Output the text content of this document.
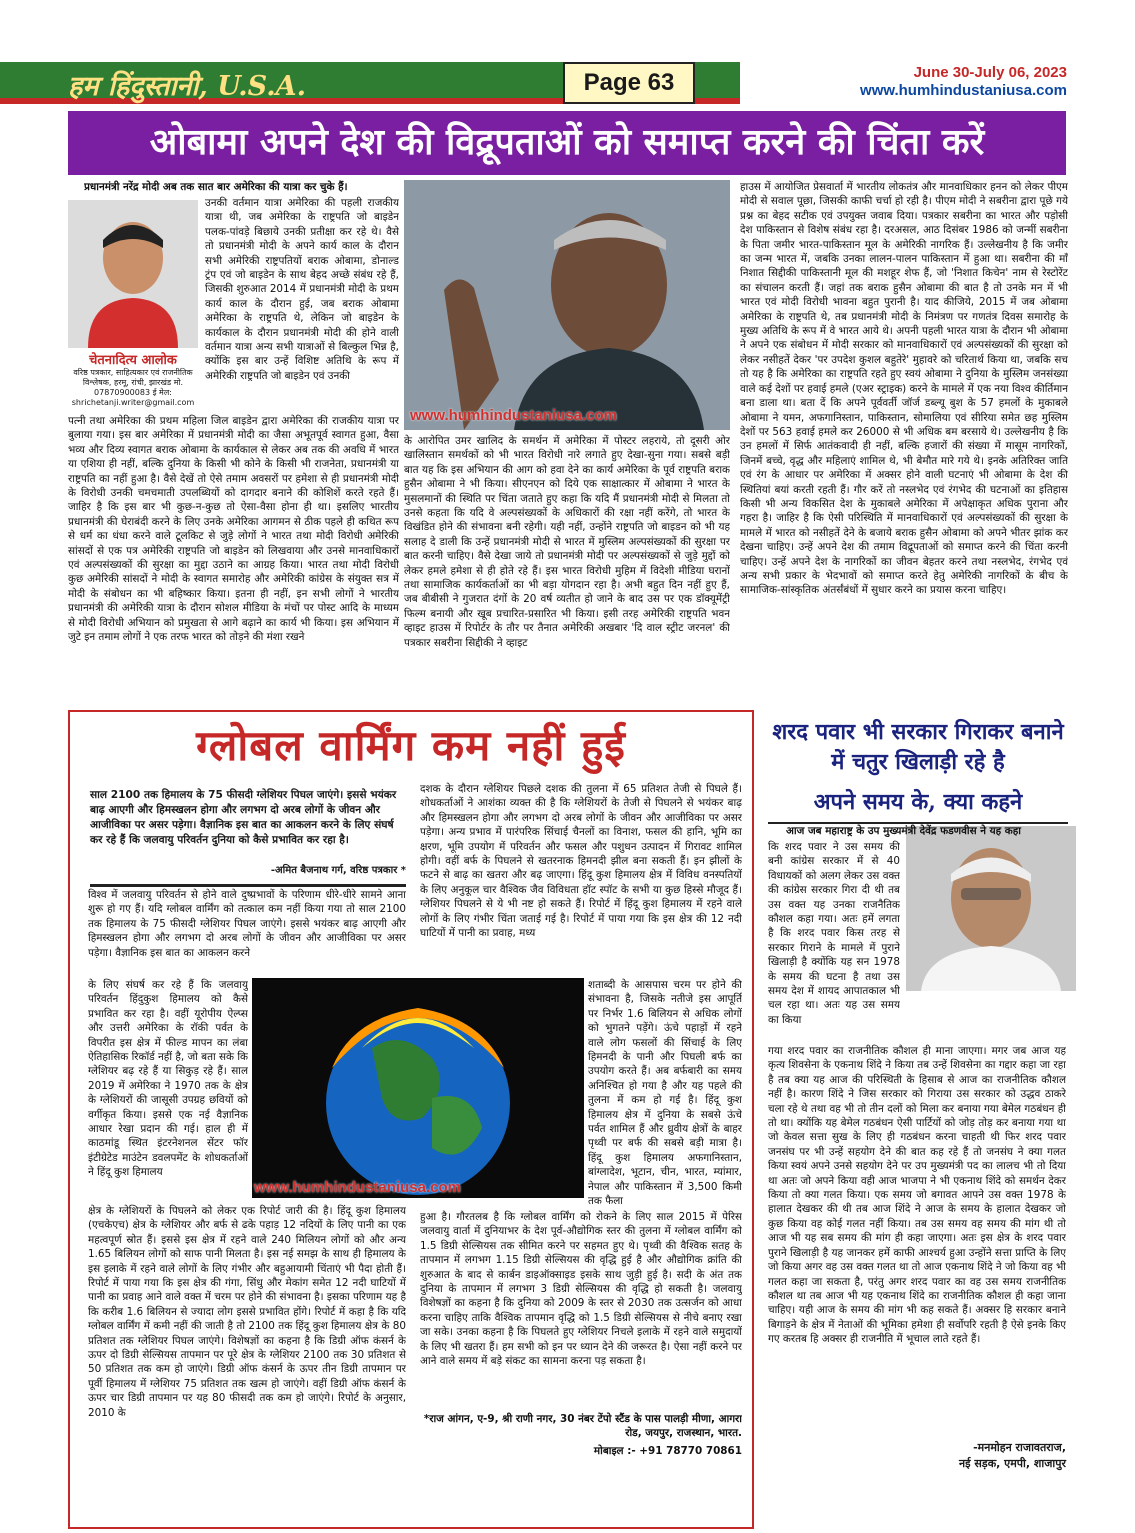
हम हिंदुस्तानी, U.S.A.	Page 63	June 30-July 06, 2023
www.humhindustaniusa.com
ओबामा अपने देश की विद्रूपताओं को समाप्त करने की चिंता करें
चेतनादित्य आलोक
वरिष्ठ पत्रकार, साहित्यकार एवं राजनीतिक विश्लेषक, हरमू, रांची, झारखंड मो. 07870900083 ई मेल: shrichetanji.writer@gmail.com
प्रधानमंत्री नरेंद्र मोदी अब तक सात बार अमेरिका की यात्रा कर चुके हैं।
उनकी वर्तमान यात्रा अमेरिका की पहली राजकीय यात्रा थी, जब अमेरिका के राष्ट्रपति जो बाइडेन पलक-पांवड़े बिछाये उनकी प्रतीक्षा कर रहे थे। वैसे तो प्रधानमंत्री मोदी के अपने कार्य काल के दौरान सभी अमेरिकी राष्ट्रपतियों बराक ओबामा, डोनाल्ड ट्रंप एवं जो बाइडेन के साथ बेहद अच्छे संबंध रहे हैं, जिसकी शुरुआत 2014 में प्रधानमंत्री मोदी के प्रथम कार्य काल के दौरान हुई, जब बराक ओबामा अमेरिका के राष्ट्रपति थे, लेकिन जो बाइडेन के कार्यकाल के दौरान प्रधानमंत्री मोदी की होने वाली वर्तमान यात्रा अन्य सभी यात्राओं से बिल्कुल भिन्न है, क्योंकि इस बार उन्हें विशिष्ट अतिथि के रूप में अमेरिकी राष्ट्रपति जो बाइडेन एवं उनकी
पत्नी तथा अमेरिका की प्रथम महिला जिल बाइडेन द्वारा अमेरिका की राजकीय यात्रा पर बुलाया गया। इस बार अमेरिका में प्रधानमंत्री मोदी का जैसा अभूतपूर्व स्वागत हुआ, वैसा भव्य और दिव्य स्वागत बराक ओबामा के कार्यकाल से लेकर अब तक की अवधि में भारत या एशिया ही नहीं, बल्कि दुनिया के किसी भी कोने के किसी भी राजनेता, प्रधानमंत्री या राष्ट्रपति का नहीं हुआ है। वैसे देखें तो ऐसे तमाम अवसरों पर हमेशा से ही प्रधानमंत्री मोदी के विरोधी उनकी चमचमाती उपलब्धियों को दागदार बनाने की कोशिशें करते रहते हैं। जाहिर है कि इस बार भी कुछ-न-कुछ तो ऐसा-वैसा होना ही था। इसलिए भारतीय प्रधानमंत्री की घेराबंदी करने के लिए उनके अमेरिका आगमन से ठीक पहले ही कथित रूप से धर्म का धंधा करने वाले टूलकिट से जुड़े लोगों ने भारत तथा मोदी विरोधी अमेरिकी सांसदों से एक पत्र अमेरिकी राष्ट्रपति जो बाइडेन को लिखवाया और उनसे मानवाधिकारों एवं अल्पसंख्यकों की सुरक्षा का मुद्दा उठाने का आग्रह किया। भारत तथा मोदी विरोधी कुछ अमेरिकी सांसदों ने मोदी के स्वागत समारोह और अमेरिकी कांग्रेस के संयुक्त सत्र में मोदी के संबोधन का भी बहिष्कार किया। इतना ही नहीं, इन सभी लोगों ने भारतीय प्रधानमंत्री की अमेरिकी यात्रा के दौरान सोशल मीडिया के मंचों पर पोस्ट आदि के माध्यम से मोदी विरोधी अभियान को प्रमुखता से आगे बढ़ाने का कार्य भी किया। इस अभियान में जुटे इन तमाम लोगों ने एक तरफ भारत को तोड़ने की मंशा रखने
www.humhindustaniusa.com
के आरोपित उमर खालिद के समर्थन में अमेरिका में पोस्टर लहराये, तो दूसरी ओर खालिस्तान समर्थकों को भी भारत विरोधी नारे लगाते हुए देखा-सुना गया। सबसे बड़ी बात यह कि इस अभियान की आग को हवा देने का कार्य अमेरिका के पूर्व राष्ट्रपति बराक हुसैन ओबामा ने भी किया। सीएनएन को दिये एक साक्षात्कार में ओबामा ने भारत के मुसलमानों की स्थिति पर चिंता जताते हुए कहा कि यदि मैं प्रधानमंत्री मोदी से मिलता तो उनसे कहता कि यदि वे अल्पसंख्यकों के अधिकारों की रक्षा नहीं करेंगे, तो भारत के विखंडित होने की संभावना बनी रहेगी। यही नहीं, उन्होंने राष्ट्रपति जो बाइडन को भी यह सलाह दे डाली कि उन्हें प्रधानमंत्री मोदी से भारत में मुस्लिम अल्पसंख्यकों की सुरक्षा पर बात करनी चाहिए। वैसे देखा जाये तो प्रधानमंत्री मोदी पर अल्पसंख्यकों से जुड़े मुद्दों को लेकर हमले हमेशा से ही होते रहे हैं। इस भारत विरोधी मुहिम में विदेशी मीडिया घरानों तथा सामाजिक कार्यकर्ताओं का भी बड़ा योगदान रहा है। अभी बहुत दिन नहीं हुए हैं, जब बीबीसी ने गुजरात दंगों के 20 वर्ष व्यतीत हो जाने के बाद उस पर एक डॉक्यूमेंट्री फिल्म बनायी और खूब प्रचारित-प्रसारित भी किया। इसी तरह अमेरिकी राष्ट्रपति भवन व्हाइट हाउस में रिपोर्टर के तौर पर तैनात अमेरिकी अखबार 'दि वाल स्ट्रीट जरनल' की पत्रकार सबरीना सिद्दीकी ने व्हाइट
हाउस में आयोजित प्रेसवार्ता में भारतीय लोकतंत्र और मानवाधिकार हनन को लेकर पीएम मोदी से सवाल पूछा, जिसकी काफी चर्चा हो रही है। पीएम मोदी ने सबरीना द्वारा पूछे गये प्रश्न का बेहद सटीक एवं उपयुक्त जवाब दिया। पत्रकार सबरीना का भारत और पड़ोसी देश पाकिस्तान से विशेष संबंध रहा है। दरअसल, आठ दिसंबर 1986 को जन्मीं सबरीना के पिता जमीर भारत-पाकिस्तान मूल के अमेरिकी नागरिक हैं। उल्लेखनीय है कि जमीर का जन्म भारत में, जबकि उनका लालन-पालन पाकिस्तान में हुआ था। सबरीना की माँ निशात सिद्दीकी पाकिस्तानी मूल की मशहूर शेफ हैं, जो 'निशात किचेन' नाम से रेस्टोरेंट का संचालन करती हैं। जहां तक बराक हुसैन ओबामा की बात है तो उनके मन में भी भारत एवं मोदी विरोधी भावना बहुत पुरानी है। याद कीजिये, 2015 में जब ओबामा अमेरिका के राष्ट्रपति थे, तब प्रधानमंत्री मोदी के निमंत्रण पर गणतंत्र दिवस समारोह के मुख्य अतिथि के रूप में वे भारत आये थे। अपनी पहली भारत यात्रा के दौरान भी ओबामा ने अपने एक संबोधन में मोदी सरकार को मानवाधिकारों एवं अल्पसंख्यकों की सुरक्षा को लेकर नसीहतें देकर 'पर उपदेश कुशल बहुतेरे' मुहावरे को चरितार्थ किया था, जबकि सच तो यह है कि अमेरिका का राष्ट्रपति रहते हुए स्वयं ओबामा ने दुनिया के मुस्लिम जनसंख्या वाले कई देशों पर हवाई हमले (एअर स्ट्राइक) करने के मामले में एक नया विश्व कीर्तिमान बना डाला था। बता दें कि अपने पूर्ववर्ती जॉर्ज डब्ल्यू बुश के 57 हमलों के मुकाबले ओबामा ने यमन, अफगानिस्तान, पाकिस्तान, सोमालिया एवं सीरिया समेत छह मुस्लिम देशों पर 563 हवाई हमले कर 26000 से भी अधिक बम बरसाये थे। उल्लेखनीय है कि उन हमलों में सिर्फ आतंकवादी ही नहीं, बल्कि हजारों की संख्या में मासूम नागरिकों, जिनमें बच्चे, वृद्ध और महिलाएं शामिल थे, भी बेमौत मारे गये थे। इनके अतिरिक्त जाति एवं रंग के आधार पर अमेरिका में अक्सर होने वाली घटनाएं भी ओबामा के देश की स्थितियां बयां करती रहती हैं। गौर करें तो नस्लभेद एवं रंगभेद की घटनाओं का इतिहास किसी भी अन्य विकसित देश के मुकाबले अमेरिका में अपेक्षाकृत अधिक पुराना और गहरा है। जाहिर है कि ऐसी परिस्थिति में मानवाधिकारों एवं अल्पसंख्यकों की सुरक्षा के मामले में भारत को नसीहतें देने के बजाये बराक हुसैन ओबामा को अपने भीतर झांक कर देखना चाहिए। उन्हें अपने देश की तमाम विद्रूपताओं को समाप्त करने की चिंता करनी चाहिए। उन्हें अपने देश के नागरिकों का जीवन बेहतर करने तथा नस्लभेद, रंगभेद एवं अन्य सभी प्रकार के भेदभावों को समाप्त करते हेतु अमेरिकी नागरिकों के बीच के सामाजिक-सांस्कृतिक अंतर्संबंधों में सुधार करने का प्रयास करना चाहिए।
ग्लोबल वार्मिंग कम नहीं हुई
साल 2100 तक हिमालय के 75 फीसदी ग्लेशियर पिघल जाएंगे। इससे भयंकर बाढ़ आएगी और हिमस्खलन होगा और लगभग दो अरब लोगों के जीवन और आजीविका पर असर पड़ेगा। वैज्ञानिक इस बात का आकलन करने के लिए संघर्ष कर रहे हैं कि जलवायु परिवर्तन दुनिया को कैसे प्रभावित कर रहा है।
-अमित बैजनाथ गर्ग, वरिष्ठ पत्रकार *
विश्व में जलवायु परिवर्तन से होने वाले दुष्प्रभावों के परिणाम धीरे-धीरे सामने आना शुरू हो गए हैं। यदि ग्लोबल वार्मिंग को तत्काल कम नहीं किया गया तो साल 2100 तक हिमालय के 75 फीसदी ग्लेशियर पिघल जाएंगे। इससे भयंकर बाढ़ आएगी और हिमस्खलन होगा और लगभग दो अरब लोगों के जीवन और आजीविका पर असर पड़ेगा। वैज्ञानिक इस बात का आकलन करने
के लिए संघर्ष कर रहे हैं कि जलवायु परिवर्तन हिंदुकुश हिमालय को कैसे प्रभावित कर रहा है। वहीं यूरोपीय ऐल्प्स और उत्तरी अमेरिका के रॉकी पर्वत के विपरीत इस क्षेत्र में फील्ड मापन का लंबा ऐतिहासिक रिकॉर्ड नहीं है, जो बता सके कि ग्लेशियर बढ़ रहे हैं या सिकुड़ रहे हैं। साल 2019 में अमेरिका ने 1970 तक के क्षेत्र के ग्लेशियरों की जासूसी उपग्रह छवियों को वर्गीकृत किया। इससे एक नई वैज्ञानिक आधार रेखा प्रदान की गई। हाल ही में काठमांडू स्थित इंटरनेशनल सेंटर फॉर इंटीग्रेटेड माउंटेन डवलपमेंट के शोधकर्ताओं ने हिंदू कुश हिमालय
क्षेत्र के ग्लेशियरों के पिघलने को लेकर एक रिपोर्ट जारी की है। हिंदू कुश हिमालय (एचकेएच) क्षेत्र के ग्लेशियर और बर्फ से ढके पहाड़ 12 नदियों के लिए पानी का एक महत्वपूर्ण स्रोत हैं। इससे इस क्षेत्र में रहने वाले 240 मिलियन लोगों को और अन्य 1.65 बिलियन लोगों को साफ पानी मिलता है। इस नई समझ के साथ ही हिमालय के इस इलाके में रहने वाले लोगों के लिए गंभीर और बहुआयामी चिंताएं भी पैदा होती हैं। रिपोर्ट में पाया गया कि इस क्षेत्र की गंगा, सिंधु और मेकांग समेत 12 नदी घाटियों में पानी का प्रवाह आने वाले वक्त में चरम पर होने की संभावना है। इसका परिणाम यह है कि करीब 1.6 बिलियन से ज्यादा लोग इससे प्रभावित होंगे। रिपोर्ट में कहा है कि यदि ग्लोबल वार्मिंग में कमी नहीं की जाती है तो 2100 तक हिंदू कुश हिमालय क्षेत्र के 80 प्रतिशत तक ग्लेशियर पिघल जाएंगे। विशेषज्ञों का कहना है कि डिग्री ऑफ कंसर्न के ऊपर दो डिग्री सेल्सियस तापमान पर पूरे क्षेत्र के ग्लेशियर 2100 तक 30 प्रतिशत से 50 प्रतिशत तक कम हो जाएंगे। डिग्री ऑफ कंसर्न के ऊपर तीन डिग्री तापमान पर पूर्वी हिमालय में ग्लेशियर 75 प्रतिशत तक खत्म हो जाएंगे। वहीं डिग्री ऑफ कंसर्न के ऊपर चार डिग्री तापमान पर यह 80 फीसदी तक कम हो जाएंगे। रिपोर्ट के अनुसार, 2010 के
दशक के दौरान ग्लेशियर पिछले दशक की तुलना में 65 प्रतिशत तेजी से पिघले हैं। शोधकर्ताओं ने आशंका व्यक्त की है कि ग्लेशियरों के तेजी से पिघलने से भयंकर बाढ़ और हिमस्खलन होगा और लगभग दो अरब लोगों के जीवन और आजीविका पर असर पड़ेगा। अन्य प्रभाव में पारंपरिक सिंचाई चैनलों का विनाश, फसल की हानि, भूमि का क्षरण, भूमि उपयोग में परिवर्तन और फसल और पशुधन उत्पादन में गिरावट शामिल होगी। वहीं बर्फ के पिघलने से खतरनाक हिमनदी झील बना सकती हैं। इन झीलों के फटने से बाढ़ का खतरा और बढ़ जाएगा। हिंदू कुश हिमालय क्षेत्र में विविध वनस्पतियों के लिए अनुकूल चार वैश्विक जैव विविधता हॉट स्पॉट के सभी या कुछ हिस्से मौजूद हैं। ग्लेशियर पिघलने से ये भी नष्ट हो सकते हैं। रिपोर्ट में हिंदू कुश हिमालय में रहने वाले लोगों के लिए गंभीर चिंता जताई गई है। रिपोर्ट में पाया गया कि इस क्षेत्र की 12 नदी घाटियों में पानी का प्रवाह, मध्य
शताब्दी के आसपास चरम पर होने की संभावना है, जिसके नतीजे इस आपूर्ति पर निर्भर 1.6 बिलियन से अधिक लोगों को भुगतने पड़ेंगे। ऊंचे पहाड़ों में रहने वाले लोग फसलों की सिंचाई के लिए हिमनदी के पानी और पिघली बर्फ का उपयोग करते हैं। अब बर्फबारी का समय अनिश्चित हो गया है और यह पहले की तुलना में कम हो गई है। हिंदू कुश हिमालय क्षेत्र में दुनिया के सबसे ऊंचे पर्वत शामिल हैं और ध्रुवीय क्षेत्रों के बाहर पृथ्वी पर बर्फ की सबसे बड़ी मात्रा है। हिंदू कुश हिमालय अफगानिस्तान, बांग्लादेश, भूटान, चीन, भारत, म्यांमार, नेपाल और पाकिस्तान में 3,500 किमी तक फैला
हुआ है। गौरतलब है कि ग्लोबल वार्मिंग को रोकने के लिए साल 2015 में पेरिस जलवायु वार्ता में दुनियाभर के देश पूर्व-औद्योगिक स्तर की तुलना में ग्लोबल वार्मिंग को 1.5 डिग्री सेल्सियस तक सीमित करने पर सहमत हुए थे। पृथ्वी की वैश्विक सतह के तापमान में लगभग 1.15 डिग्री सेल्सियस की वृद्धि हुई है और औद्योगिक क्रांति की शुरुआत के बाद से कार्बन डाइऑक्साइड इसके साथ जुड़ी हुई है। सदी के अंत तक दुनिया के तापमान में लगभग 3 डिग्री सेल्सियस की वृद्धि हो सकती है। जलवायु विशेषज्ञों का कहना है कि दुनिया को 2009 के स्तर से 2030 तक उत्सर्जन को आधा करना चाहिए ताकि वैश्विक तापमान वृद्धि को 1.5 डिग्री सेल्सियस से नीचे बनाए रखा जा सके। उनका कहना है कि पिघलते हुए ग्लेशियर निचले इलाके में रहने वाले समुदायों के लिए भी खतरा हैं। हम सभी को इन पर ध्यान देने की जरूरत है। ऐसा नहीं करने पर आने वाले समय में बड़े संकट का सामना करना पड़ सकता है।
*राज आंगन, ए-9, श्री राणी नगर, 30 नंबर टेंपो स्टैंड के पास पालड़ी मीणा, आगरा रोड, जयपुर, राजस्थान, भारत.
मोबाइल :- +91 78770 70861
www.humhindustaniusa.com
शरद पवार भी सरकार गिराकर बनाने में चतुर खिलाड़ी रहे है
अपने समय के, क्या कहने
आज जब महाराष्ट्र के उप मुख्यमंत्री देवेंद्र फडणवीस ने यह कहा
कि शरद पवार ने उस समय की बनी कांग्रेस सरकार में से 40 विधायकों को अलग लेकर उस वक्त की कांग्रेस सरकार गिरा दी थी तब उस वक्त यह उनका राजनैतिक कौशल कहा गया। अतः हमें लगता है कि शरद पवार किस तरह से सरकार गिराने के मामले में पुराने खिलाड़ी है क्योंकि यह सन 1978 के समय की घटना है तथा उस समय देश में शायद आपातकाल भी चल रहा था। अतः यह उस समय का किया
गया शरद पवार का राजनीतिक कौशल ही माना जाएगा। मगर जब आज यह कृत्य शिवसेना के एकनाथ शिंदे ने किया तब उन्हें शिवसेना का गद्दार कहा जा रहा है तब क्या यह आज की परिस्थिती के हिसाब से आज का राजनीतिक कौशल नहीं है। कारण शिंदे ने जिस सरकार को गिराया उस सरकार को उद्धव ठाकरे चला रहे थे तथा वह भी तो तीन दलों को मिला कर बनाया गया बेमेल गठबंधन ही तो था। क्योंकि यह बेमेल गठबंधन ऐसी पार्टियों को जोड़ तोड़ कर बनाया गया था जो केवल सत्ता सुख के लिए ही गठबंधन करना चाहती थी फिर शरद पवार जनसंघ पर भी उन्हें सहयोग देने की बात कह रहे हैं तो जनसंघ ने क्या गलत किया स्वयं अपने उनसे सहयोग देने पर उप मुख्यमंत्री पद का लालच भी तो दिया था अतः जो अपने किया वही आज भाजपा ने भी एकनाथ शिंदे को समर्थन देकर किया तो क्या गलत किया। एक समय जो बगावत आपने उस वक्त 1978 के हालात देखकर की थी तब आज शिंदे ने आज के समय के हालात देखकर जो कुछ किया वह कोई गलत नहीं किया। तब उस समय वह समय की मांग थी तो आज भी यह सब समय की मांग ही कहा जाएगा। अतः इस क्षेत्र के शरद पवार पुराने खिलाड़ी है यह जानकर हमें काफी आश्चर्य हुआ उन्होंने सत्ता प्राप्ति के लिए जो किया अगर वह उस वक्त गलत था तो आज एकनाथ शिंदे ने जो किया वह भी गलत कहा जा सकता है, परंतु अगर शरद पवार का वह उस समय राजनीतिक कौशल था तब आज भी यह एकनाथ शिंदे का राजनीतिक कौशल ही कहा जाना चाहिए। यही आज के समय की मांग भी कह सकते हैं। अक्सर हि सरकार बनाने बिगाड़ने के क्षेत्र में नेताओं की भूमिका हमेशा ही सर्वोपरि रहती है ऐसे इनके किए गए करतब हि अक्सर ही राजनीति में भूचाल लाते रहते हैं।
-मनमोहन राजावतराज,
नई सड़क, एमपी, शाजापुर
